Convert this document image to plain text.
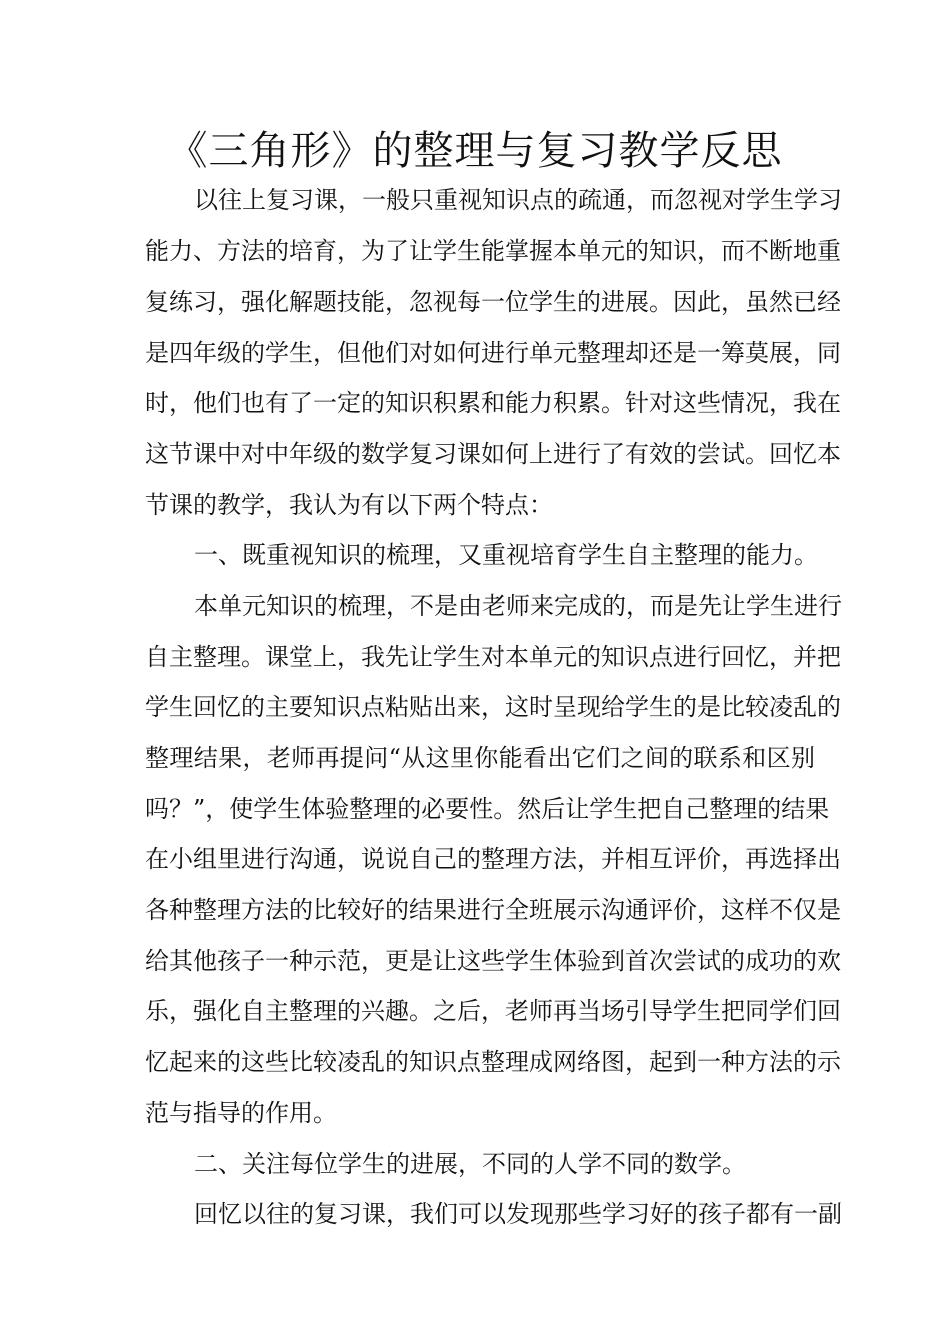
《三角形》的整理与复习教学反思
以往上复习课，一般只重视知识点的疏通，而忽视对学生学习
能力、方法的培育，为了让学生能掌握本单元的知识，而不断地重
复练习，强化解题技能，忽视每一位学生的进展。因此，虽然已经
是四年级的学生，但他们对如何进行单元整理却还是一筹莫展，同
时，他们也有了一定的知识积累和能力积累。针对这些情况，我在
这节课中对中年级的数学复习课如何上进行了有效的尝试。回忆本
节课的教学，我认为有以下两个特点：
一、既重视知识的梳理，又重视培育学生自主整理的能力。
本单元知识的梳理，不是由老师来完成的，而是先让学生进行
自主整理。课堂上，我先让学生对本单元的知识点进行回忆，并把
学生回忆的主要知识点粘贴出来，这时呈现给学生的是比较凌乱的
整理结果，老师再提问“从这里你能看出它们之间的联系和区别
吗？”，使学生体验整理的必要性。然后让学生把自己整理的结果
在小组里进行沟通，说说自己的整理方法，并相互评价，再选择出
各种整理方法的比较好的结果进行全班展示沟通评价，这样不仅是
给其他孩子一种示范，更是让这些学生体验到首次尝试的成功的欢
乐，强化自主整理的兴趣。之后，老师再当场引导学生把同学们回
忆起来的这些比较凌乱的知识点整理成网络图，起到一种方法的示
范与指导的作用。
二、关注每位学生的进展，不同的人学不同的数学。
回忆以往的复习课，我们可以发现那些学习好的孩子都有一副
